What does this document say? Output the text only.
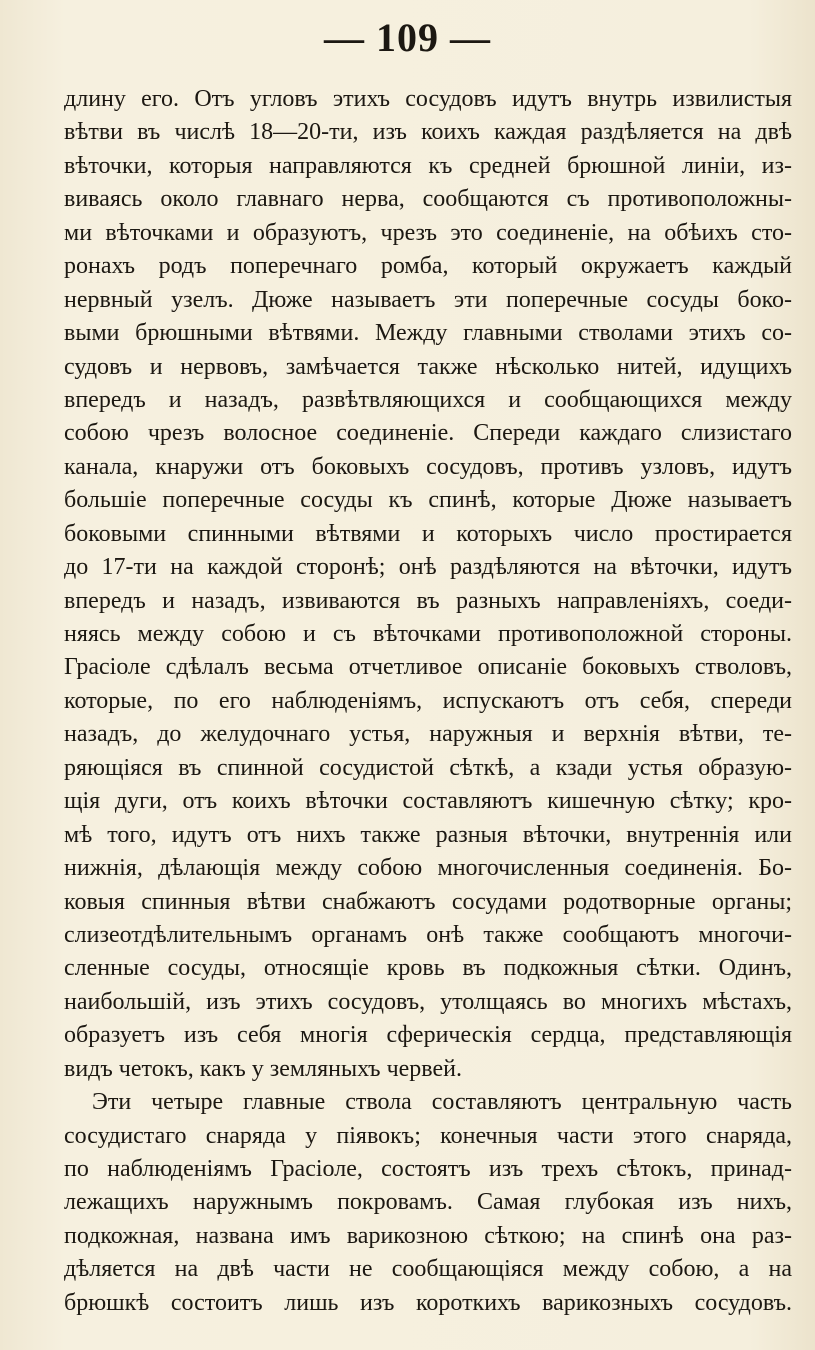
— 109 —
длину его. Отъ угловъ этихъ сосудовъ идутъ внутрь извилистыя
вѣтви въ числѣ 18—20-ти, изъ коихъ каждая раздѣляется на двѣ
вѣточки, которыя направляются къ средней брюшной линіи, из-
виваясь около главнаго нерва, сообщаются съ противоположны-
ми вѣточками и образуютъ, чрезъ это соединеніе, на обѣихъ сто-
ронахъ родъ поперечнаго ромба, который окружаетъ каждый
нервный узелъ. Дюже называетъ эти поперечные сосуды боко-
выми брюшными вѣтвями. Между главными стволами этихъ со-
судовъ и нервовъ, замѣчается также нѣсколько нитей, идущихъ
впередъ и назадъ, развѣтвляющихся и сообщающихся между
собою чрезъ волосное соединеніе. Спереди каждаго слизистаго
канала, кнаружи отъ боковыхъ сосудовъ, противъ узловъ, идутъ
большіе поперечные сосуды къ спинѣ, которые Дюже называетъ
боковыми спинными вѣтвями и которыхъ число простирается
до 17-ти на каждой сторонѣ; онѣ раздѣляются на вѣточки, идутъ
впередъ и назадъ, извиваются въ разныхъ направленіяхъ, соеди-
няясь между собою и съ вѣточками противоположной стороны.
Грасіоле сдѣлалъ весьма отчетливое описаніе боковыхъ стволовъ,
которые, по его наблюденіямъ, испускаютъ отъ себя, спереди
назадъ, до желудочнаго устья, наружныя и верхнія вѣтви, те-
ряющіяся въ спинной сосудистой сѣткѣ, а кзади устья образую-
щія дуги, отъ коихъ вѣточки составляютъ кишечную сѣтку; кро-
мѣ того, идутъ отъ нихъ также разныя вѣточки, внутреннія или
нижнія, дѣлающія между собою многочисленныя соединенія. Бо-
ковыя спинныя вѣтви снабжаютъ сосудами родотворные органы;
слизеотдѣлительнымъ органамъ онѣ также сообщаютъ многочи-
сленные сосуды, относящіе кровь въ подкожныя сѣтки. Одинъ,
наибольшій, изъ этихъ сосудовъ, утолщаясь во многихъ мѣстахъ,
образуетъ изъ себя многія сферическія сердца, представляющія
видъ четокъ, какъ у земляныхъ червей.
Эти четыре главные ствола составляютъ центральную часть
сосудистаго снаряда у піявокъ; конечныя части этого снаряда,
по наблюденіямъ Грасіоле, состоятъ изъ трехъ сѣтокъ, принад-
лежащихъ наружнымъ покровамъ. Самая глубокая изъ нихъ,
подкожная, названа имъ варикозною сѣткою; на спинѣ она раз-
дѣляется на двѣ части не сообщающіяся между собою, а на
брюшкѣ состоитъ лишь изъ короткихъ варикозныхъ сосудовъ.
